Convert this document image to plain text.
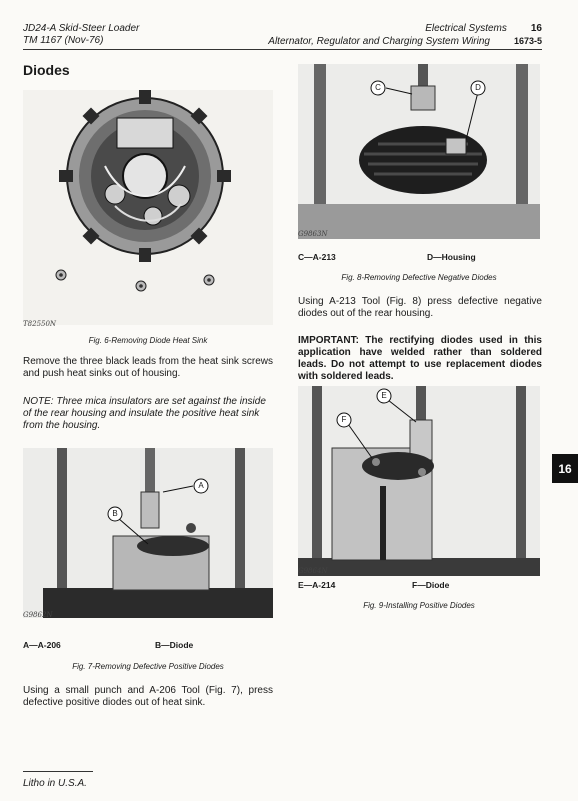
JD24-A Skid-Steer Loader
TM 1167 (Nov-76)
Electrical Systems 16
Alternator, Regulator and Charging System Wiring	1673-5
Diodes
T82550N
Fig. 6-Removing Diode Heat Sink
Remove the three black leads from the heat sink screws and push heat sinks out of housing.
NOTE: Three mica insulators are set against the inside of the rear housing and insulate the positive heat sink from the housing.
A
B
G9862N
A—A-206	B—Diode
Fig. 7-Removing Defective Positive Diodes
Using a small punch and A-206 Tool (Fig. 7), press defective positive diodes out of heat sink.
C	D
G9863N
C—A-213	D—Housing
Fig. 8-Removing Defective Negative Diodes
Using A-213 Tool (Fig. 8) press defective negative diodes out of the rear housing.
IMPORTANT: The rectifying diodes used in this application have welded rather than soldered leads. Do not attempt to use replacement diodes with soldered leads.
E
F
G9864N
E—A-214	F—Diode
Fig. 9-Installing Positive Diodes
16
Litho in U.S.A.
